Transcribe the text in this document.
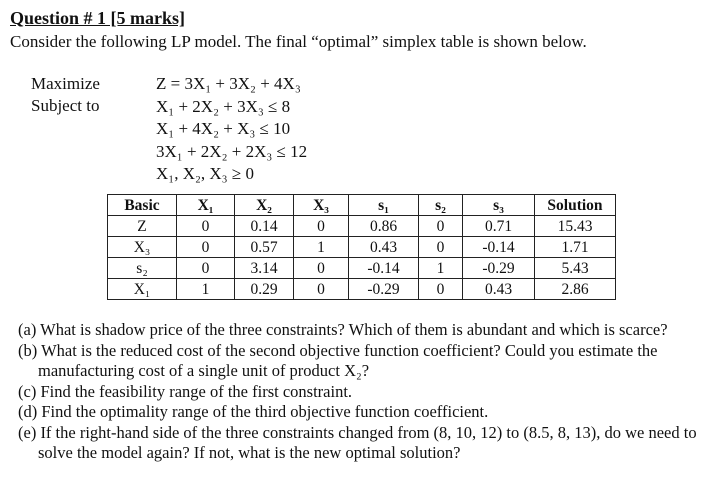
Question # 1 [5 marks]
Consider the following LP model. The final “optimal” simplex table is shown below.
Maximize
Subject to
Z = 3X₁ + 3X₂ + 4X₃
X₁ + 2X₂ + 3X₃ ≤ 8
X₁ + 4X₂ + X₃ ≤ 10
3X₁ + 2X₂ + 2X₃ ≤ 12
X₁, X₂, X₃ ≥ 0
Basic	X₁	X₂	X₃	s₁	s₂	s₃	Solution
Z	0	0.14	0	0.86	0	0.71	15.43
X₃	0	0.57	1	0.43	0	-0.14	1.71
s₂	0	3.14	0	-0.14	1	-0.29	5.43
X₁	1	0.29	0	-0.29	0	0.43	2.86
(a) What is shadow price of the three constraints? Which of them is abundant and which is scarce?
(b) What is the reduced cost of the second objective function coefficient? Could you estimate the manufacturing cost of a single unit of product X₂?
(c) Find the feasibility range of the first constraint.
(d) Find the optimality range of the third objective function coefficient.
(e) If the right-hand side of the three constraints changed from (8, 10, 12) to (8.5, 8, 13), do we need to solve the model again? If not, what is the new optimal solution?
